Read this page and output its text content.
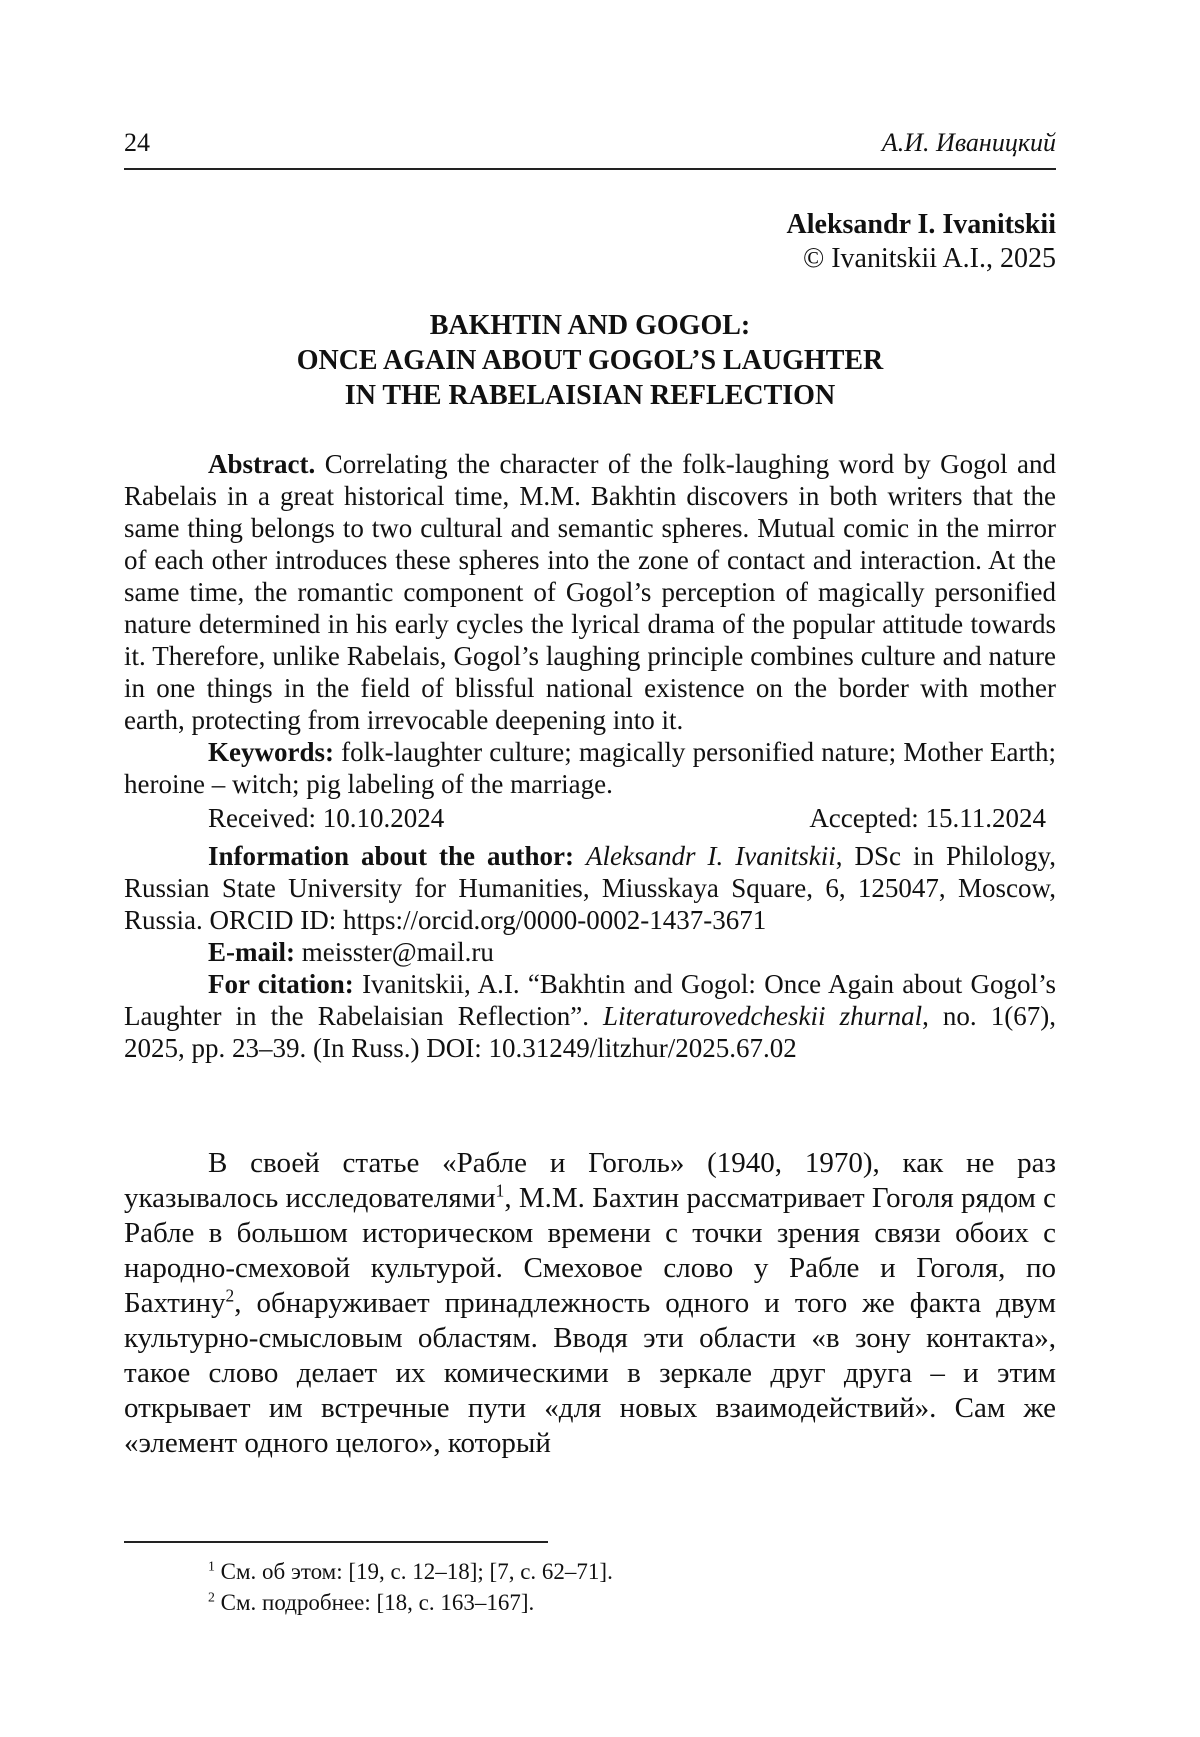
24	А.И. Иваницкий
Aleksandr I. Ivanitskii
© Ivanitskii A.I., 2025
BAKHTIN AND GOGOL:
ONCE AGAIN ABOUT GOGOL’S LAUGHTER
IN THE RABELAISIAN REFLECTION

Abstract. Correlating the character of the folk-laughing word by Gogol and Rabelais in a great historical time, M.M. Bakhtin discovers in both writers that the same thing belongs to two cultural and semantic spheres. Mutual comic in the mirror of each other introduces these spheres into the zone of contact and interaction. At the same time, the romantic component of Gogol’s perception of magically personified nature determined in his early cycles the lyrical drama of the popular attitude towards it. Therefore, unlike Rabelais, Gogol’s laughing principle combines culture and nature in one things in the field of blissful national existence on the border with mother earth, protecting from irrevocable deepening into it.

Keywords: folk-laughter culture; magically personified nature; Mother Earth; heroine – witch; pig labeling of the marriage.

Received: 10.10.2024	Accepted: 15.11.2024

Information about the author: Aleksandr I. Ivanitskii, DSc in Philology, Russian State University for Humanities, Miusskaya Square, 6, 125047, Moscow, Russia. ORCID ID: https://orcid.org/0000-0002-1437-3671

E-mail: meisster@mail.ru

For citation: Ivanitskii, A.I. “Bakhtin and Gogol: Once Again about Gogol’s Laughter in the Rabelaisian Reflection”. Literaturovedcheskii zhurnal, no. 1(67), 2025, pp. 23–39. (In Russ.) DOI: 10.31249/litzhur/2025.67.02

В своей статье «Рабле и Гоголь» (1940, 1970), как не раз указывалось исследователями$^1$, М.М. Бахтин рассматривает Гоголя рядом с Рабле в большом историческом времени с точки зрения связи обоих с народно-смеховой культурой. Смеховое слово у Рабле и Гоголя, по Бахтину$^2$, обнаруживает принадлежность одного и того же факта двум культурно-смысловым областям. Вводя эти области «в зону контакта», такое слово делает их комическими в зеркале друг друга – и этим открывает им встречные пути «для новых взаимодействий». Сам же «элемент одного целого», который

$^1$ См. об этом: [19, с. 12–18]; [7, с. 62–71].

$^2$ См. подробнее: [18, с. 163–167].
